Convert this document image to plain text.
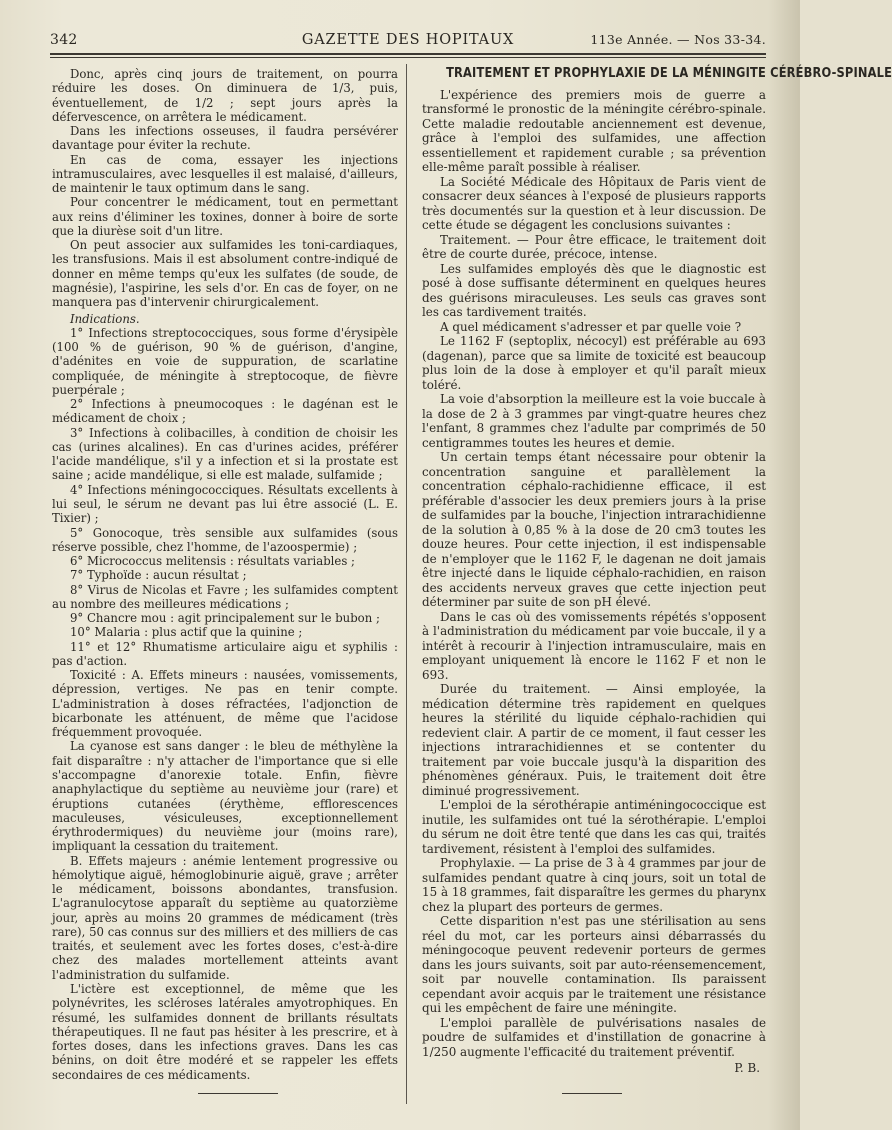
342	GAZETTE DES HOPITAUX	113e Année. — Nos 33-34.

Donc, après cinq jours de traitement, on pourra réduire les doses. On diminuera de 1/3, puis, éventuellement, de 1/2 ; sept jours après la défervescence, on arrêtera le médicament.

Dans les infections osseuses, il faudra persévérer davantage pour éviter la rechute.

En cas de coma, essayer les injections intramusculaires, avec lesquelles il est malaisé, d'ailleurs, de maintenir le taux optimum dans le sang.

Pour concentrer le médicament, tout en permettant aux reins d'éliminer les toxines, donner à boire de sorte que la diurèse soit d'un litre.

On peut associer aux sulfamides les toni-cardiaques, les transfusions. Mais il est absolument contre-indiqué de donner en même temps qu'eux les sulfates (de soude, de magnésie), l'aspirine, les sels d'or. En cas de foyer, on ne manquera pas d'intervenir chirurgicalement.

Indications.

1° Infections streptococciques, sous forme d'érysipèle (100 % de guérison, 90 % de guérison, d'angine, d'adénites en voie de suppuration, de scarlatine compliquée, de méningite à streptocoque, de fièvre puerpérale ;

2° Infections à pneumocoques : le dagénan est le médicament de choix ;

3° Infections à colibacilles, à condition de choisir les cas (urines alcalines). En cas d'urines acides, préférer l'acide mandélique, s'il y a infection et si la prostate est saine ; acide mandélique, si elle est malade, sulfamide ;

4° Infections méningococciques. Résultats excellents à lui seul, le sérum ne devant pas lui être associé (L. E. Tixier) ;

5° Gonocoque, très sensible aux sulfamides (sous réserve possible, chez l'homme, de l'azoospermie) ;

6° Micrococcus melitensis : résultats variables ;

7° Typhoïde : aucun résultat ;

8° Virus de Nicolas et Favre ; les sulfamides comptent au nombre des meilleures médications ;

9° Chancre mou : agit principalement sur le bubon ;

10° Malaria : plus actif que la quinine ;

11° et 12° Rhumatisme articulaire aigu et syphilis : pas d'action.

Toxicité : A. Effets mineurs : nausées, vomissements, dépression, vertiges. Ne pas en tenir compte. L'administration à doses réfractées, l'adjonction de bicarbonate les atténuent, de même que l'acidose fréquemment provoquée.

La cyanose est sans danger : le bleu de méthylène la fait disparaître : n'y attacher de l'importance que si elle s'accompagne d'anorexie totale. Enfin, fièvre anaphylactique du septième au neuvième jour (rare) et éruptions cutanées (érythème, efflorescences maculeuses, vésiculeuses, exceptionnellement érythrodermiques) du neuvième jour (moins rare), impliquant la cessation du traitement.

B. Effets majeurs : anémie lentement progressive ou hémolytique aiguë, hémoglobinurie aiguë, grave ; arrêter le médicament, boissons abondantes, transfusion. L'agranulocytose apparaît du septième au quatorzième jour, après au moins 20 grammes de médicament (très rare), 50 cas connus sur des milliers et des milliers de cas traités, et seulement avec les fortes doses, c'est-à-dire chez des malades mortellement atteints avant l'administration du sulfamide.

L'ictère est exceptionnel, de même que les polynévrites, les scléroses latérales amyotrophiques. En résumé, les sulfamides donnent de brillants résultats thérapeutiques. Il ne faut pas hésiter à les prescrire, et à fortes doses, dans les infections graves. Dans les cas bénins, on doit être modéré et se rappeler les effets secondaires de ces médicaments.

TRAITEMENT ET PROPHYLAXIE DE LA MÉNINGITE CÉRÉBRO-SPINALE

L'expérience des premiers mois de guerre a transformé le pronostic de la méningite cérébro-spinale. Cette maladie redoutable anciennement est devenue, grâce à l'emploi des sulfamides, une affection essentiellement et rapidement curable ; sa prévention elle-même paraît possible à réaliser.

La Société Médicale des Hôpitaux de Paris vient de consacrer deux séances à l'exposé de plusieurs rapports très documentés sur la question et à leur discussion. De cette étude se dégagent les conclusions suivantes :

Traitement. — Pour être efficace, le traitement doit être de courte durée, précoce, intense.

Les sulfamides employés dès que le diagnostic est posé à dose suffisante déterminent en quelques heures des guérisons miraculeuses. Les seuls cas graves sont les cas tardivement traités.

A quel médicament s'adresser et par quelle voie ?

Le 1162 F (septoplix, nécocyl) est préférable au 693 (dagenan), parce que sa limite de toxicité est beaucoup plus loin de la dose à employer et qu'il paraît mieux toléré.

La voie d'absorption la meilleure est la voie buccale à la dose de 2 à 3 grammes par vingt-quatre heures chez l'enfant, 8 grammes chez l'adulte par comprimés de 50 centigrammes toutes les heures et demie.

Un certain temps étant nécessaire pour obtenir la concentration sanguine et parallèlement la concentration céphalo-rachidienne efficace, il est préférable d'associer les deux premiers jours à la prise de sulfamides par la bouche, l'injection intrarachidienne de la solution à 0,85 % à la dose de 20 cm3 toutes les douze heures. Pour cette injection, il est indispensable de n'employer que le 1162 F, le dagenan ne doit jamais être injecté dans le liquide céphalo-rachidien, en raison des accidents nerveux graves que cette injection peut déterminer par suite de son pH élevé.

Dans le cas où des vomissements répétés s'opposent à l'administration du médicament par voie buccale, il y a intérêt à recourir à l'injection intramusculaire, mais en employant uniquement là encore le 1162 F et non le 693.

Durée du traitement. — Ainsi employée, la médication détermine très rapidement en quelques heures la stérilité du liquide céphalo-rachidien qui redevient clair. A partir de ce moment, il faut cesser les injections intrarachidiennes et se contenter du traitement par voie buccale jusqu'à la disparition des phénomènes généraux. Puis, le traitement doit être diminué progressivement.

L'emploi de la sérothérapie antiméningococcique est inutile, les sulfamides ont tué la sérothérapie. L'emploi du sérum ne doit être tenté que dans les cas qui, traités tardivement, résistent à l'emploi des sulfamides.

Prophylaxie. — La prise de 3 à 4 grammes par jour de sulfamides pendant quatre à cinq jours, soit un total de 15 à 18 grammes, fait disparaître les germes du pharynx chez la plupart des porteurs de germes.

Cette disparition n'est pas une stérilisation au sens réel du mot, car les porteurs ainsi débarrassés du méningocoque peuvent redevenir porteurs de germes dans les jours suivants, soit par auto-réensemencement, soit par nouvelle contamination. Ils paraissent cependant avoir acquis par le traitement une résistance qui les empêchent de faire une méningite.

L'emploi parallèle de pulvérisations nasales de poudre de sulfamides et d'instillation de gonacrine à 1/250 augmente l'efficacité du traitement préventif.

P. B.
